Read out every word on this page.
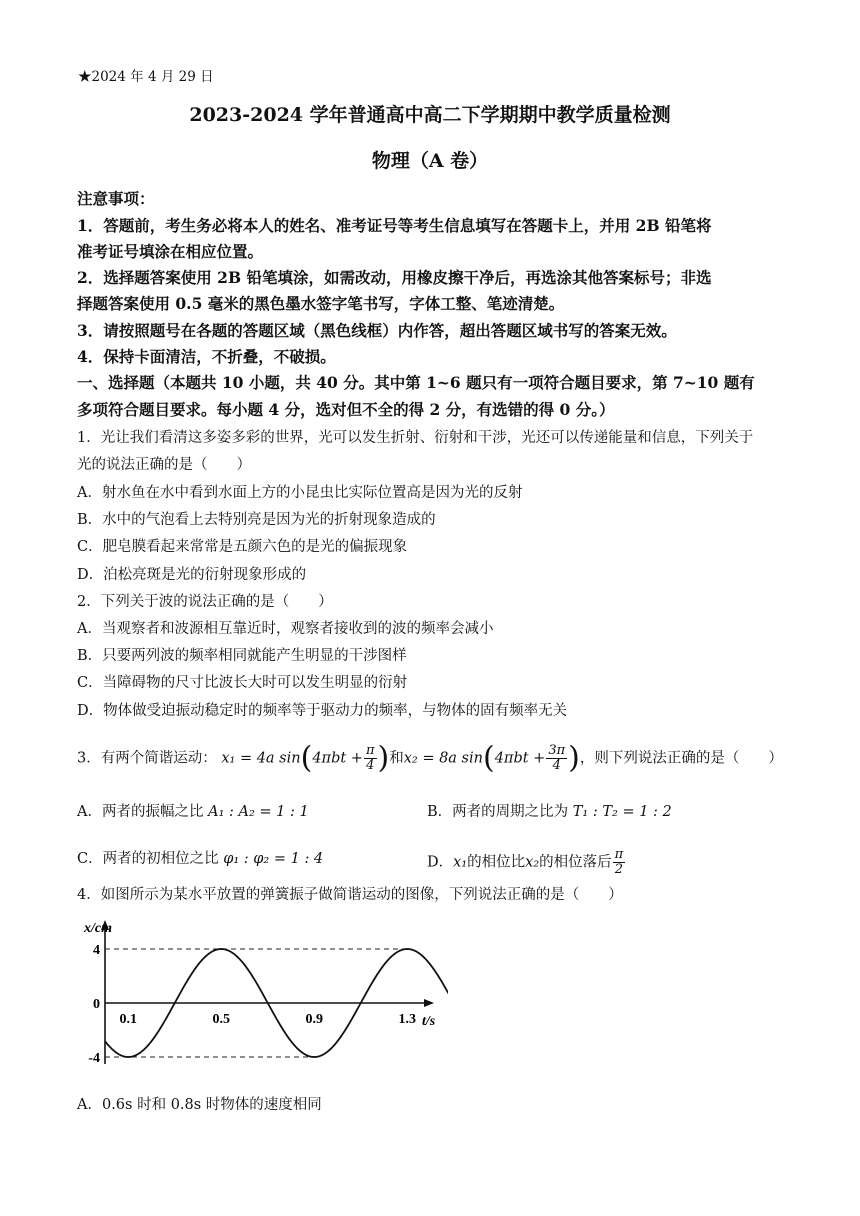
★2024 年 4 月 29 日
2023-2024 学年普通高中高二下学期期中教学质量检测
物理（A 卷）
注意事项：
1．答题前，考生务必将本人的姓名、准考证号等考生信息填写在答题卡上，并用 2B 铅笔将
准考证号填涂在相应位置。
2．选择题答案使用 2B 铅笔填涂，如需改动，用橡皮擦干净后，再选涂其他答案标号；非选
择题答案使用 0.5 毫米的黑色墨水签字笔书写，字体工整、笔迹清楚。
3．请按照题号在各题的答题区域（黑色线框）内作答，超出答题区域书写的答案无效。
4．保持卡面清洁，不折叠，不破损。
一、选择题（本题共 10 小题，共 40 分。其中第 1~6 题只有一项符合题目要求，第 7~10 题有
多项符合题目要求。每小题 4 分，选对但不全的得 2 分，有选错的得 0 分。）
1．光让我们看清这多姿多彩的世界，光可以发生折射、衍射和干涉，光还可以传递能量和信息，下列关于
光的说法正确的是（　　）
A．射水鱼在水中看到水面上方的小昆虫比实际位置高是因为光的反射
B．水中的气泡看上去特别亮是因为光的折射现象造成的
C．肥皂膜看起来常常是五颜六色的是光的偏振现象
D．泊松亮斑是光的衍射现象形成的
2．下列关于波的说法正确的是（　　）
A．当观察者和波源相互靠近时，观察者接收到的波的频率会减小
B．只要两列波的频率相同就能产生明显的干涉图样
C．当障碍物的尺寸比波长大时可以发生明显的衍射
D．物体做受迫振动稳定时的频率等于驱动力的频率，与物体的固有频率无关
3．有两个简谐运动： x₁ = 4a $\sin(4\pi bt + \frac{\pi}{4}$ )和x₂ = 8a $\sin(4\pi bt + \frac{3\pi}{4}$ )，则下列说法正确的是（　　）
A．两者的振幅之比 A₁ : A₂ = 1 : 1	B．两者的周期之比为 T₁ : T₂ = 1 : 2
C．两者的初相位之比 φ₁ : φ₂ = 1 : 4	D．x₁的相位比x₂的相位落后 $\frac{\pi}{2}$
4．如图所示为某水平放置的弹簧振子做简谐运动的图像，下列说法正确的是（　　）
x/cm
t/s
4
0
-4
0.1	0.5	0.9	1.3
A．0.6s 时和 0.8s 时物体的速度相同
